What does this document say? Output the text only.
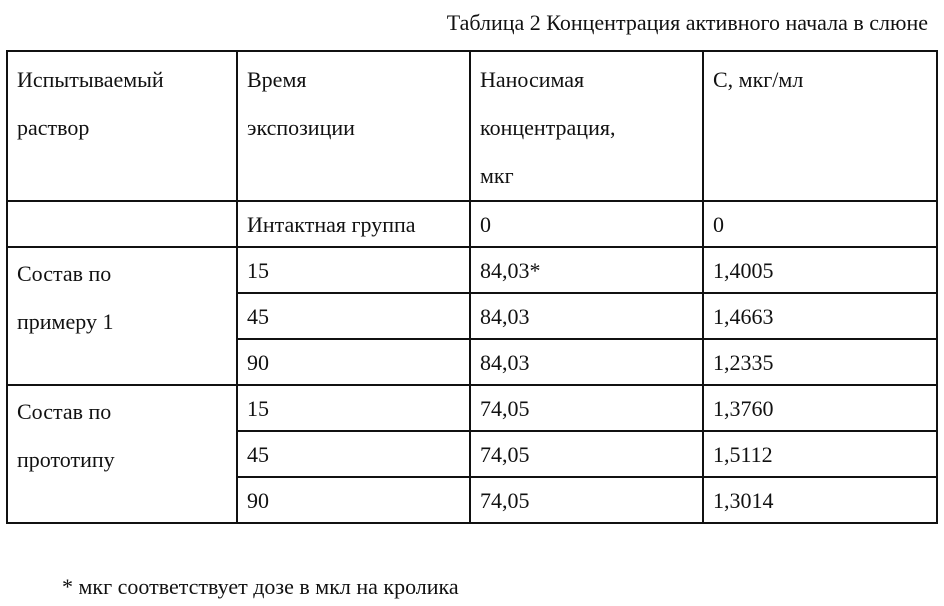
Таблица 2 Концентрация активного начала в слюне
Испытываемый
раствор	Время
экспозиции	Наносимая
концентрация,
мкг	С, мкг/мл

	Интактная группа	0	0

Состав по
примеру 1	15	84,03*	1,4005
	45	84,03	1,4663
	90	84,03	1,2335

Состав по
прототипу	15	74,05	1,3760
	45	74,05	1,5112
	90	74,05	1,3014
* мкг соответствует дозе в мкл на кролика
